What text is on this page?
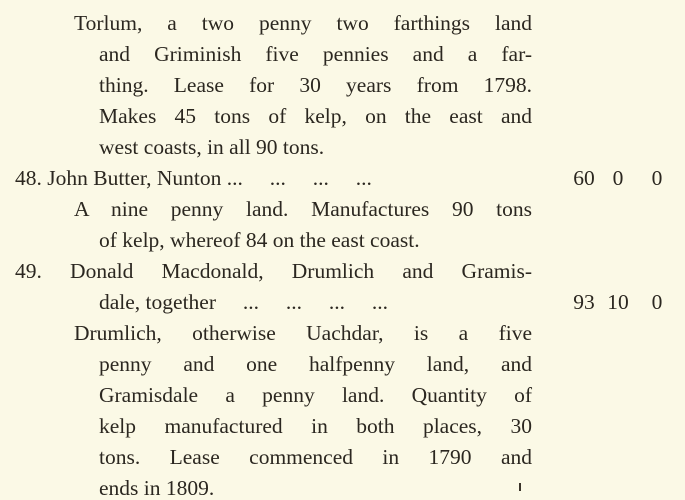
Torlum, a two penny two farthings land
and Griminish five pennies and a far-
thing. Lease for 30 years from 1798.
Makes 45 tons of kelp, on the east and
west coasts, in all 90 tons.
48. John Butter, Nunton ...     ...     ...     ...	60 0	0
A nine penny land. Manufactures 90 tons
of kelp, whereof 84 on the east coast.
49. Donald Macdonald, Drumlich and Gramis-
dale, together     ...     ...     ...     ...	93 10	0
Drumlich, otherwise Uachdar, is a five
penny and one halfpenny land, and
Gramisdale a penny land. Quantity of
kelp manufactured in both places, 30
tons. Lease commenced in 1790 and
ends in 1809.
